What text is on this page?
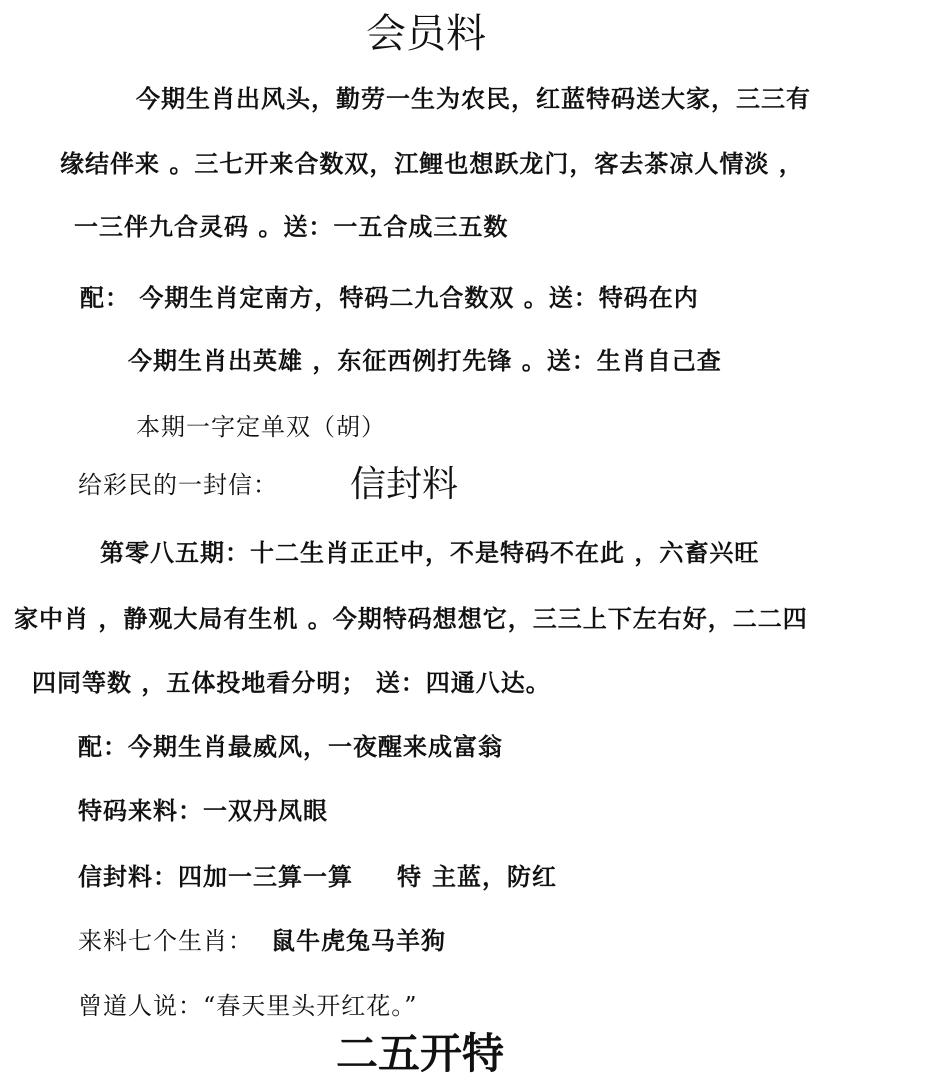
会员料
今期生肖出风头，勤劳一生为农民，红蓝特码送大家，三三有
缘结伴来 。三七开来合数双，江鲤也想跃龙门，客去茶凉人情淡 ，
一三伴九合灵码 。送：一五合成三五数
配： 今期生肖定南方，特码二九合数双 。送：特码在内
今期生肖出英雄 ，东征西例打先锋 。送：生肖自己查
本期一字定单双（胡）
给彩民的一封信： 信封料
第零八五期：十二生肖正正中，不是特码不在此 ，六畜兴旺
家中肖 ，静观大局有生机 。今期特码想想它，三三上下左右好，二二四
四同等数 ，五体投地看分明； 送：四通八达。
配：今期生肖最威风，一夜醒来成富翁
特码来料：一双丹凤眼
信封料：四加一三算一算 特 主蓝，防红
来料七个生肖： 鼠牛虎兔马羊狗
曾道人说：“春天里头开红花。”
二五开特
